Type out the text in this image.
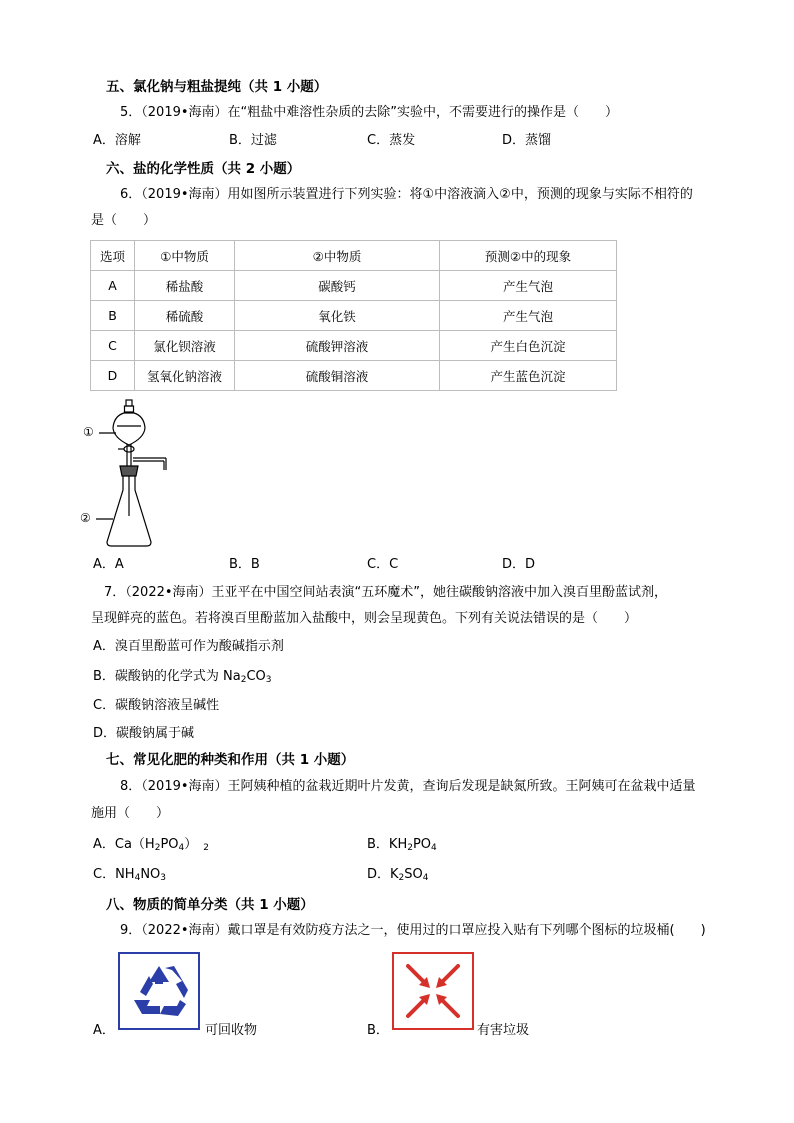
五、氯化钠与粗盐提纯（共 1 小题）
5．（2019•海南）在“粗盐中难溶性杂质的去除”实验中，不需要进行的操作是（　　）
A．溶解	B．过滤	C．蒸发	D．蒸馏
六、盐的化学性质（共 2 小题）
6．（2019•海南）用如图所示装置进行下列实验：将①中溶液滴入②中，预测的现象与实际不相符的
是（　　）
选项	①中物质	②中物质	预测②中的现象
A	稀盐酸	碳酸钙	产生气泡
B	稀硫酸	氧化铁	产生气泡
C	氯化钡溶液	硫酸钾溶液	产生白色沉淀
D	氢氧化钠溶液	硫酸铜溶液	产生蓝色沉淀
①
②
A．A	B．B	C．C	D．D
7．（2022•海南）王亚平在中国空间站表演“五环魔术”，她往碳酸钠溶液中加入溴百里酚蓝试剂，
呈现鲜亮的蓝色。若将溴百里酚蓝加入盐酸中，则会呈现黄色。下列有关说法错误的是（　　）
A．溴百里酚蓝可作为酸碱指示剂
B．碳酸钠的化学式为 $Na_2CO_3$
C．碳酸钠溶液呈碱性
D．碳酸钠属于碱
七、常见化肥的种类和作用（共 1 小题）
8．（2019•海南）王阿姨种植的盆栽近期叶片发黄，查询后发现是缺氮所致。王阿姨可在盆栽中适量
施用（　　）
A．$Ca(H_2PO_4)$ $_2$	B．$KH_2PO_4$
C．$NH_4NO_3$	D．$K_2SO_4$
八、物质的简单分类（共 1 小题）
9．（2022•海南）戴口罩是有效防疫方法之一，使用过的口罩应投入贴有下列哪个图标的垃圾桶(　　)
A．	可回收物	B．	有害垃圾
